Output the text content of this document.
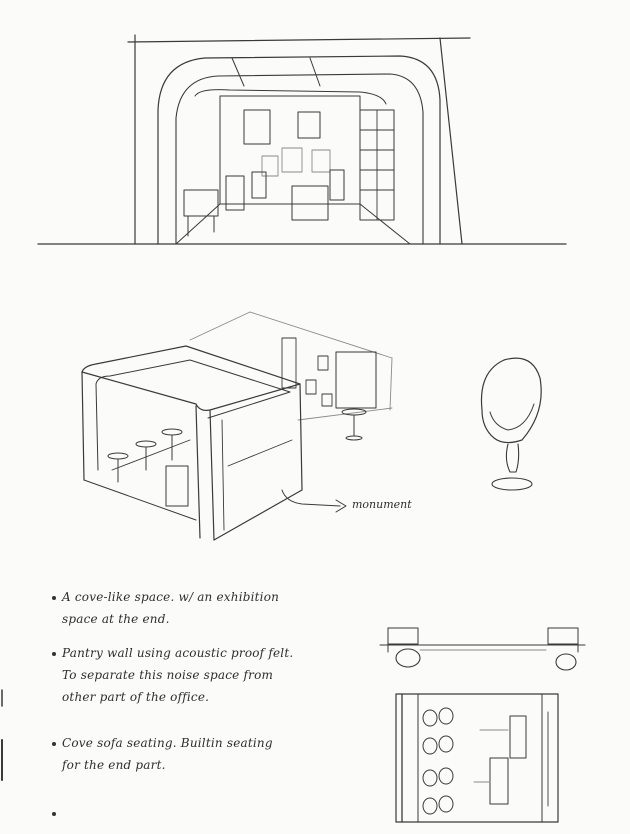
A cove-like space. w/ an exhibition
space at the end.
Pantry wall using acoustic proof felt.
To separate this noise space from
other part of the office.
Cove sofa seating. Builtin seating
for the end part.
monument
